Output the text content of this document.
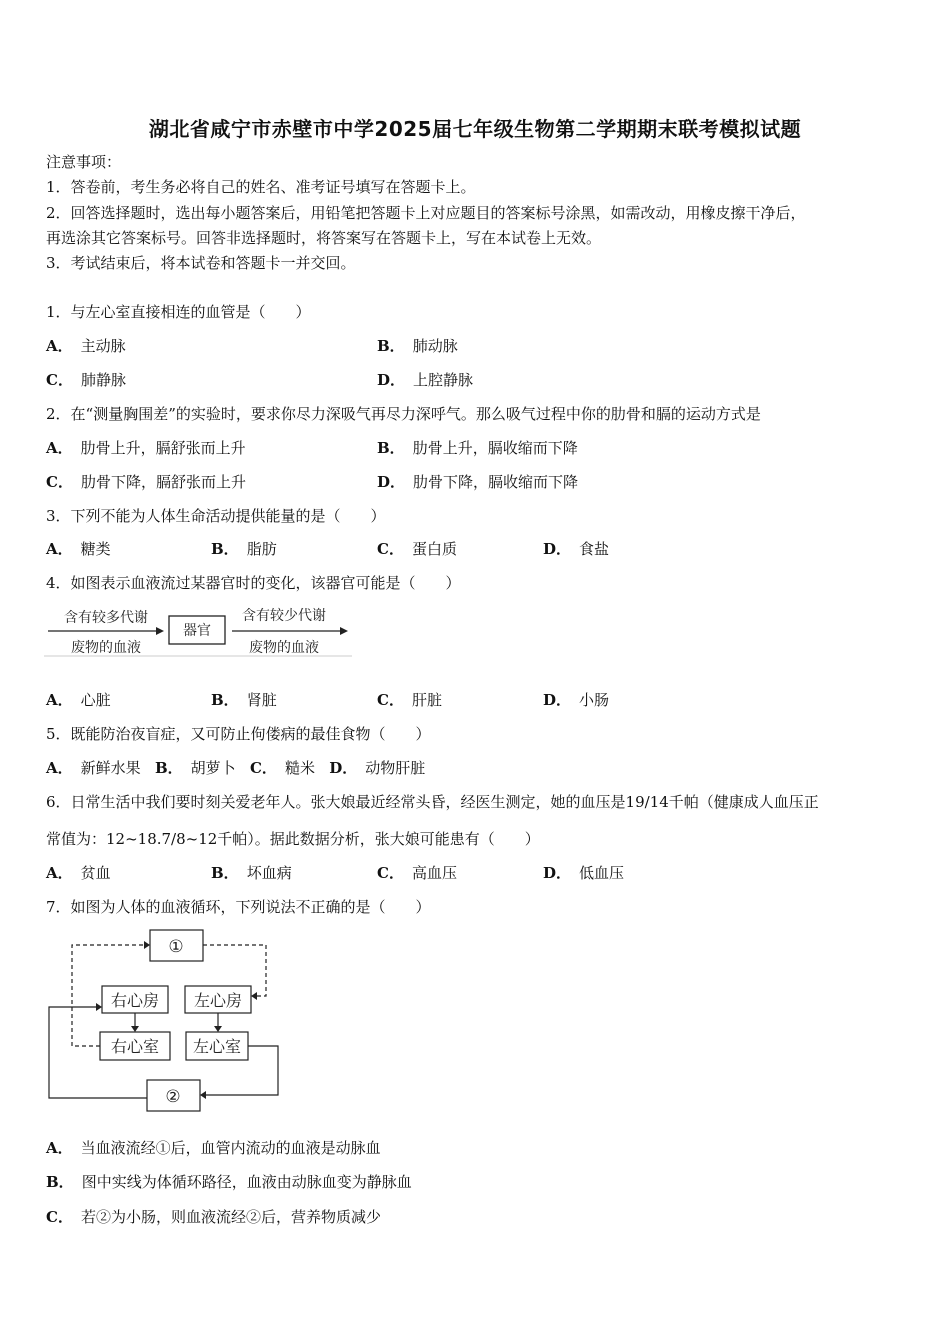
湖北省咸宁市赤壁市中学2025届七年级生物第二学期期末联考模拟试题
注意事项：
1．答卷前，考生务必将自己的姓名、准考证号填写在答题卡上。
2．回答选择题时，选出每小题答案后，用铅笔把答题卡上对应题目的答案标号涂黑，如需改动，用橡皮擦干净后，
再选涂其它答案标号。回答非选择题时，将答案写在答题卡上，写在本试卷上无效。
3．考试结束后，将本试卷和答题卡一并交回。
1．与左心室直接相连的血管是（　　）
A． 主动脉	B． 肺动脉
C． 肺静脉	D． 上腔静脉
2．在“测量胸围差”的实验时，要求你尽力深吸气再尽力深呼气。那么吸气过程中你的肋骨和膈的运动方式是
A． 肋骨上升，膈舒张而上升	B． 肋骨上升，膈收缩而下降
C． 肋骨下降，膈舒张而上升	D． 肋骨下降，膈收缩而下降
3．下列不能为人体生命活动提供能量的是（　　）
A． 糖类	B． 脂肪	C． 蛋白质	D． 食盐
4．如图表示血液流过某器官时的变化，该器官可能是（　　）
含有较多代谢
废物的血液
器官
含有较少代谢
废物的血液
A． 心脏	B． 肾脏	C． 肝脏	D． 小肠
5．既能防治夜盲症，又可防止佝偻病的最佳食物（　　）
A． 新鲜水果 B． 胡萝卜 C． 糙米 D． 动物肝脏
6．日常生活中我们要时刻关爱老年人。张大娘最近经常头昏，经医生测定，她的血压是19/14千帕（健康成人血压正
常值为：12~18.7/8~12千帕）。据此数据分析，张大娘可能患有（　　）
A． 贫血	B． 坏血病	C． 高血压	D． 低血压
7．如图为人体的血液循环，下列说法不正确的是（　　）
①
右心房 左心房
右心室 左心室
②
A． 当血液流经①后，血管内流动的血液是动脉血
B． 图中实线为体循环路径，血液由动脉血变为静脉血
C． 若②为小肠，则血液流经②后，营养物质减少
